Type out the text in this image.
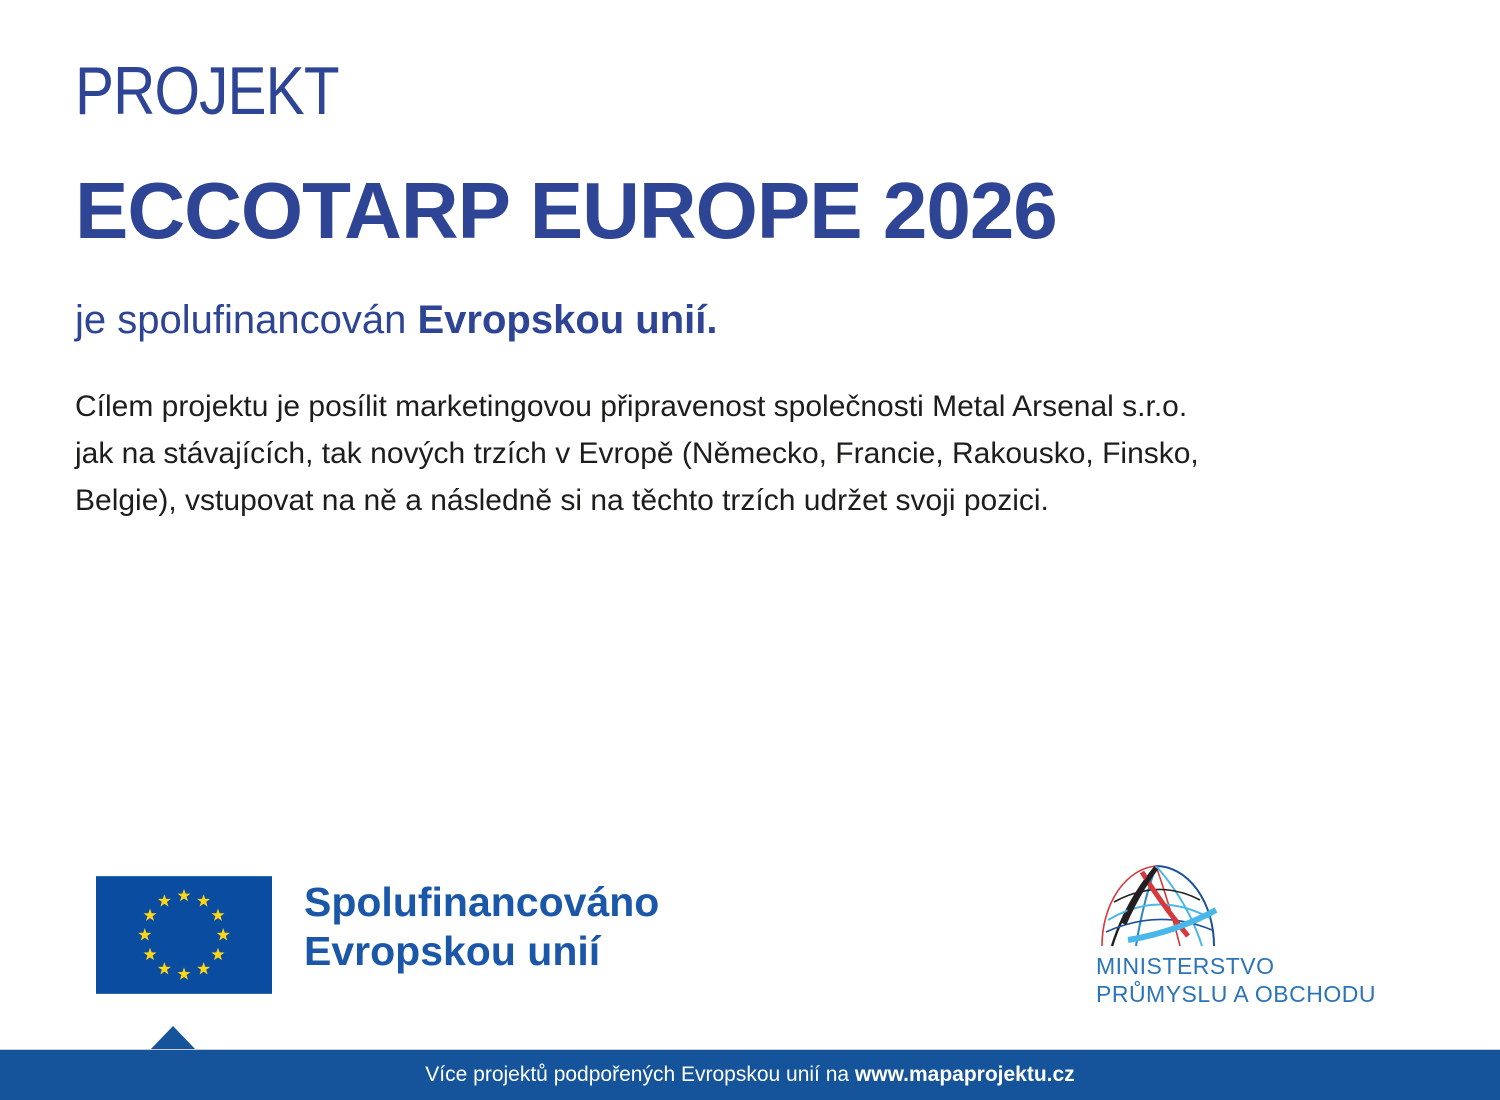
PROJEKT
ECCOTARP EUROPE 2026
je spolufinancován Evropskou unií.
Cílem projektu je posílit marketingovou připravenost společnosti Metal Arsenal s.r.o.
jak na stávajících, tak nových trzích v Evropě (Německo, Francie, Rakousko, Finsko,
Belgie), vstupovat na ně a následně si na těchto trzích udržet svoji pozici.
Spolufinancováno
Evropskou unií	MINISTERSTVO
PRŮMYSLU A OBCHODU
Více projektů podpořených Evropskou unií na www.mapaprojektu.cz
